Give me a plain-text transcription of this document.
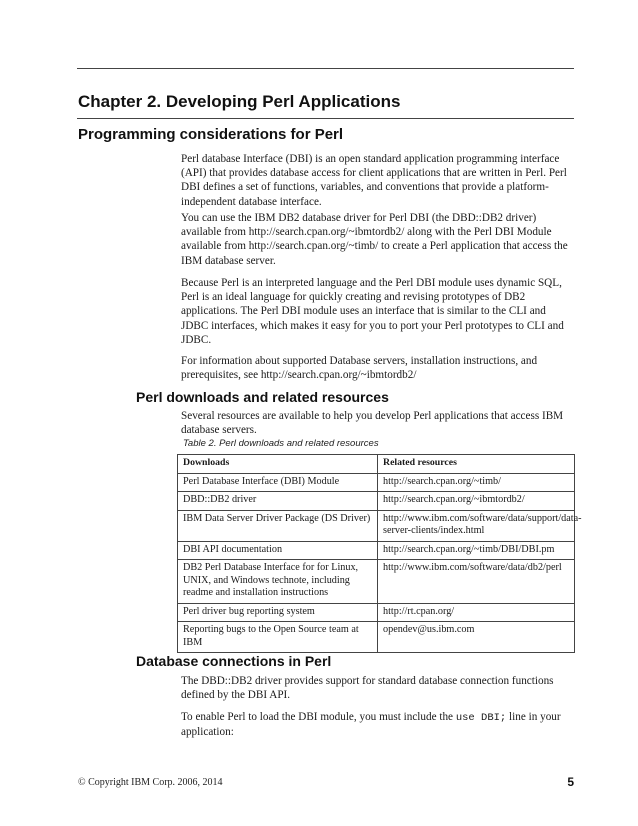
Chapter 2. Developing Perl Applications
Programming considerations for Perl

Perl database Interface (DBI) is an open standard application programming interface (API) that provides database access for client applications that are written in Perl. Perl DBI defines a set of functions, variables, and conventions that provide a platform-independent database interface.

You can use the IBM DB2 database driver for Perl DBI (the DBD::DB2 driver) available from http://search.cpan.org/~ibmtordb2/ along with the Perl DBI Module available from http://search.cpan.org/~timb/ to create a Perl application that access the IBM database server.

Because Perl is an interpreted language and the Perl DBI module uses dynamic SQL, Perl is an ideal language for quickly creating and revising prototypes of DB2 applications. The Perl DBI module uses an interface that is similar to the CLI and JDBC interfaces, which makes it easy for you to port your Perl prototypes to CLI and JDBC.

For information about supported Database servers, installation instructions, and prerequisites, see http://search.cpan.org/~ibmtordb2/

Perl downloads and related resources

Several resources are available to help you develop Perl applications that access IBM database servers.

Table 2. Perl downloads and related resources

Downloads	Related resources
Perl Database Interface (DBI) Module	http://search.cpan.org/~timb/
DBD::DB2 driver	http://search.cpan.org/~ibmtordb2/
IBM Data Server Driver Package (DS Driver)	http://www.ibm.com/software/data/support/data-server-clients/index.html
DBI API documentation	http://search.cpan.org/~timb/DBI/DBI.pm
DB2 Perl Database Interface for for Linux, UNIX, and Windows technote, including readme and installation instructions	http://www.ibm.com/software/data/db2/perl
Perl driver bug reporting system	http://rt.cpan.org/
Reporting bugs to the Open Source team at IBM	opendev@us.ibm.com
Database connections in Perl

The DBD::DB2 driver provides support for standard database connection functions defined by the DBI API.

To enable Perl to load the DBI module, you must include the use DBI; line in your application:

© Copyright IBM Corp. 2006, 2014	5
